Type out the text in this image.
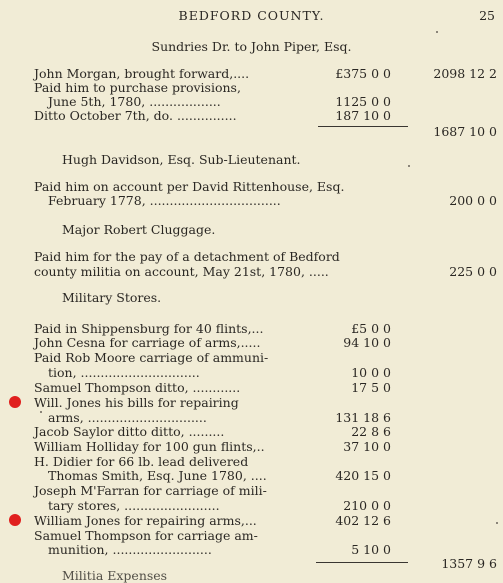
BEDFORD COUNTY.	25
Sundries Dr. to John Piper, Esq.
John Morgan, brought forward,....	£375 0 0	2098 12 2
Paid him to purchase provisions,
June 5th, 1780, ..................	1125 0 0
Ditto October 7th, do. ...............	187 10 0
1687 10 0
Hugh Davidson, Esq. Sub-Lieutenant.
Paid him on account per David Rittenhouse, Esq.
February 1778, .................................	200 0 0
Major Robert Cluggage.
Paid him for the pay of a detachment of Bedford
county militia on account, May 21st, 1780, .....	225 0 0
Military Stores.
Paid in Shippensburg for 40 flints,...	£5 0 0
John Cesna for carriage of arms,.....	94 10 0
Paid Rob Moore carriage of ammuni-
tion, ..............................	10 0 0
Samuel Thompson ditto, ............	17 5 0
Will. Jones his bills for repairing
arms, ..............................	131 18 6
Jacob Saylor ditto ditto, .........	22 8 6
William Holliday for 100 gun flints,..	37 10 0
H. Didier for 66 lb. lead delivered
Thomas Smith, Esq. June 1780, ....	420 15 0
Joseph M'Farran for carriage of mili-
tary stores, ........................	210 0 0
William Jones for repairing arms,...	402 12 6
Samuel Thompson for carriage am-
munition, .........................	5 10 0
1357 9 6
Militia Expenses
